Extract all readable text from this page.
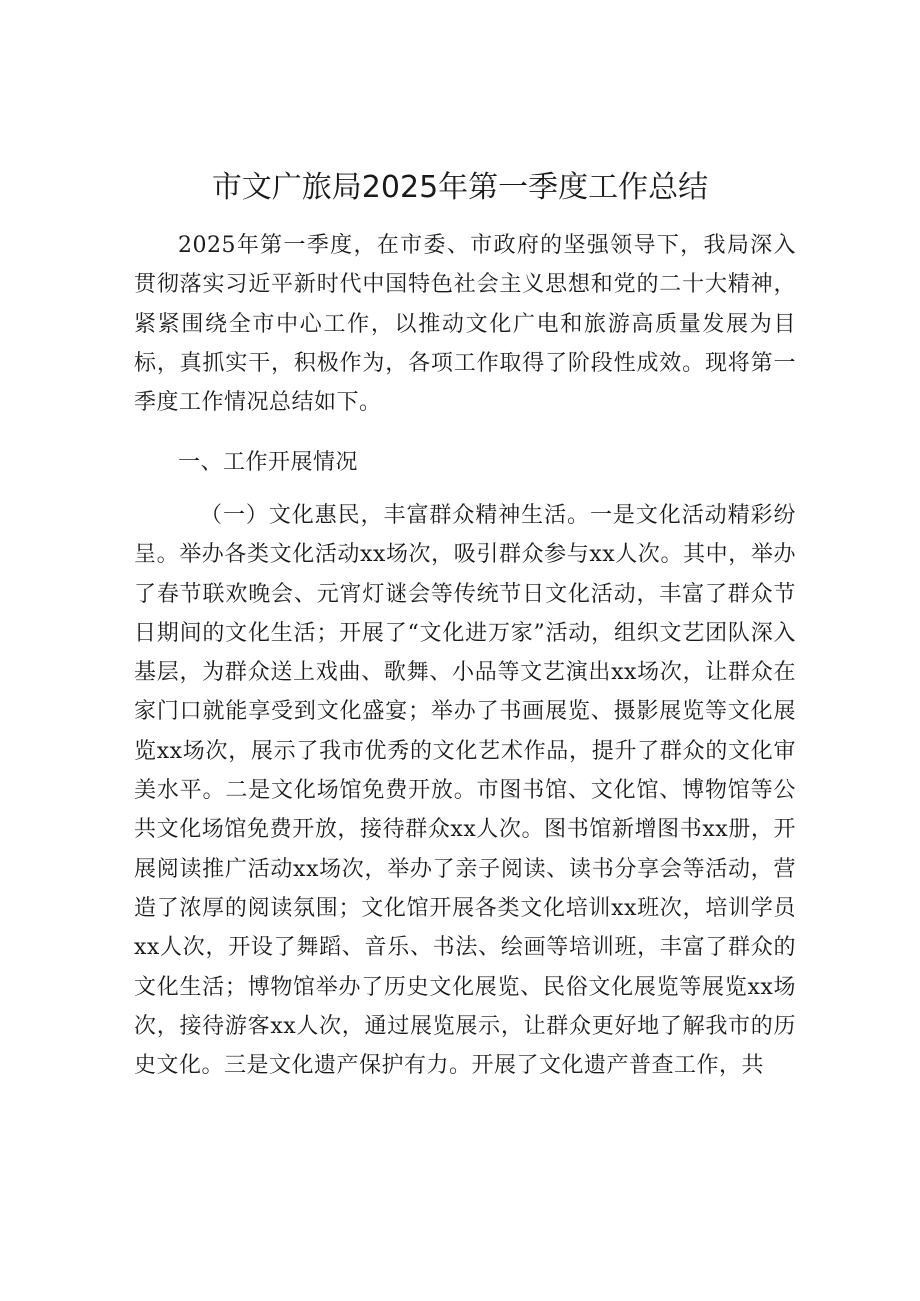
市文广旅局2025年第一季度工作总结

2025年第一季度，在市委、市政府的坚强领导下，我局深入贯彻落实习近平新时代中国特色社会主义思想和党的二十大精神，紧紧围绕全市中心工作，以推动文化广电和旅游高质量发展为目标，真抓实干，积极作为，各项工作取得了阶段性成效。现将第一季度工作情况总结如下。

一、工作开展情况

（一）文化惠民，丰富群众精神生活。一是文化活动精彩纷呈。举办各类文化活动xx场次，吸引群众参与xx人次。其中，举办了春节联欢晚会、元宵灯谜会等传统节日文化活动，丰富了群众节日期间的文化生活；开展了“文化进万家”活动，组织文艺团队深入基层，为群众送上戏曲、歌舞、小品等文艺演出xx场次，让群众在家门口就能享受到文化盛宴；举办了书画展览、摄影展览等文化展览xx场次，展示了我市优秀的文化艺术作品，提升了群众的文化审美水平。二是文化场馆免费开放。市图书馆、文化馆、博物馆等公共文化场馆免费开放，接待群众xx人次。图书馆新增图书xx册，开展阅读推广活动xx场次，举办了亲子阅读、读书分享会等活动，营造了浓厚的阅读氛围；文化馆开展各类文化培训xx班次，培训学员xx人次，开设了舞蹈、音乐、书法、绘画等培训班，丰富了群众的文化生活；博物馆举办了历史文化展览、民俗文化展览等展览xx场次，接待游客xx人次，通过展览展示，让群众更好地了解我市的历史文化。三是文化遗产保护有力。开展了文化遗产普查工作，共
